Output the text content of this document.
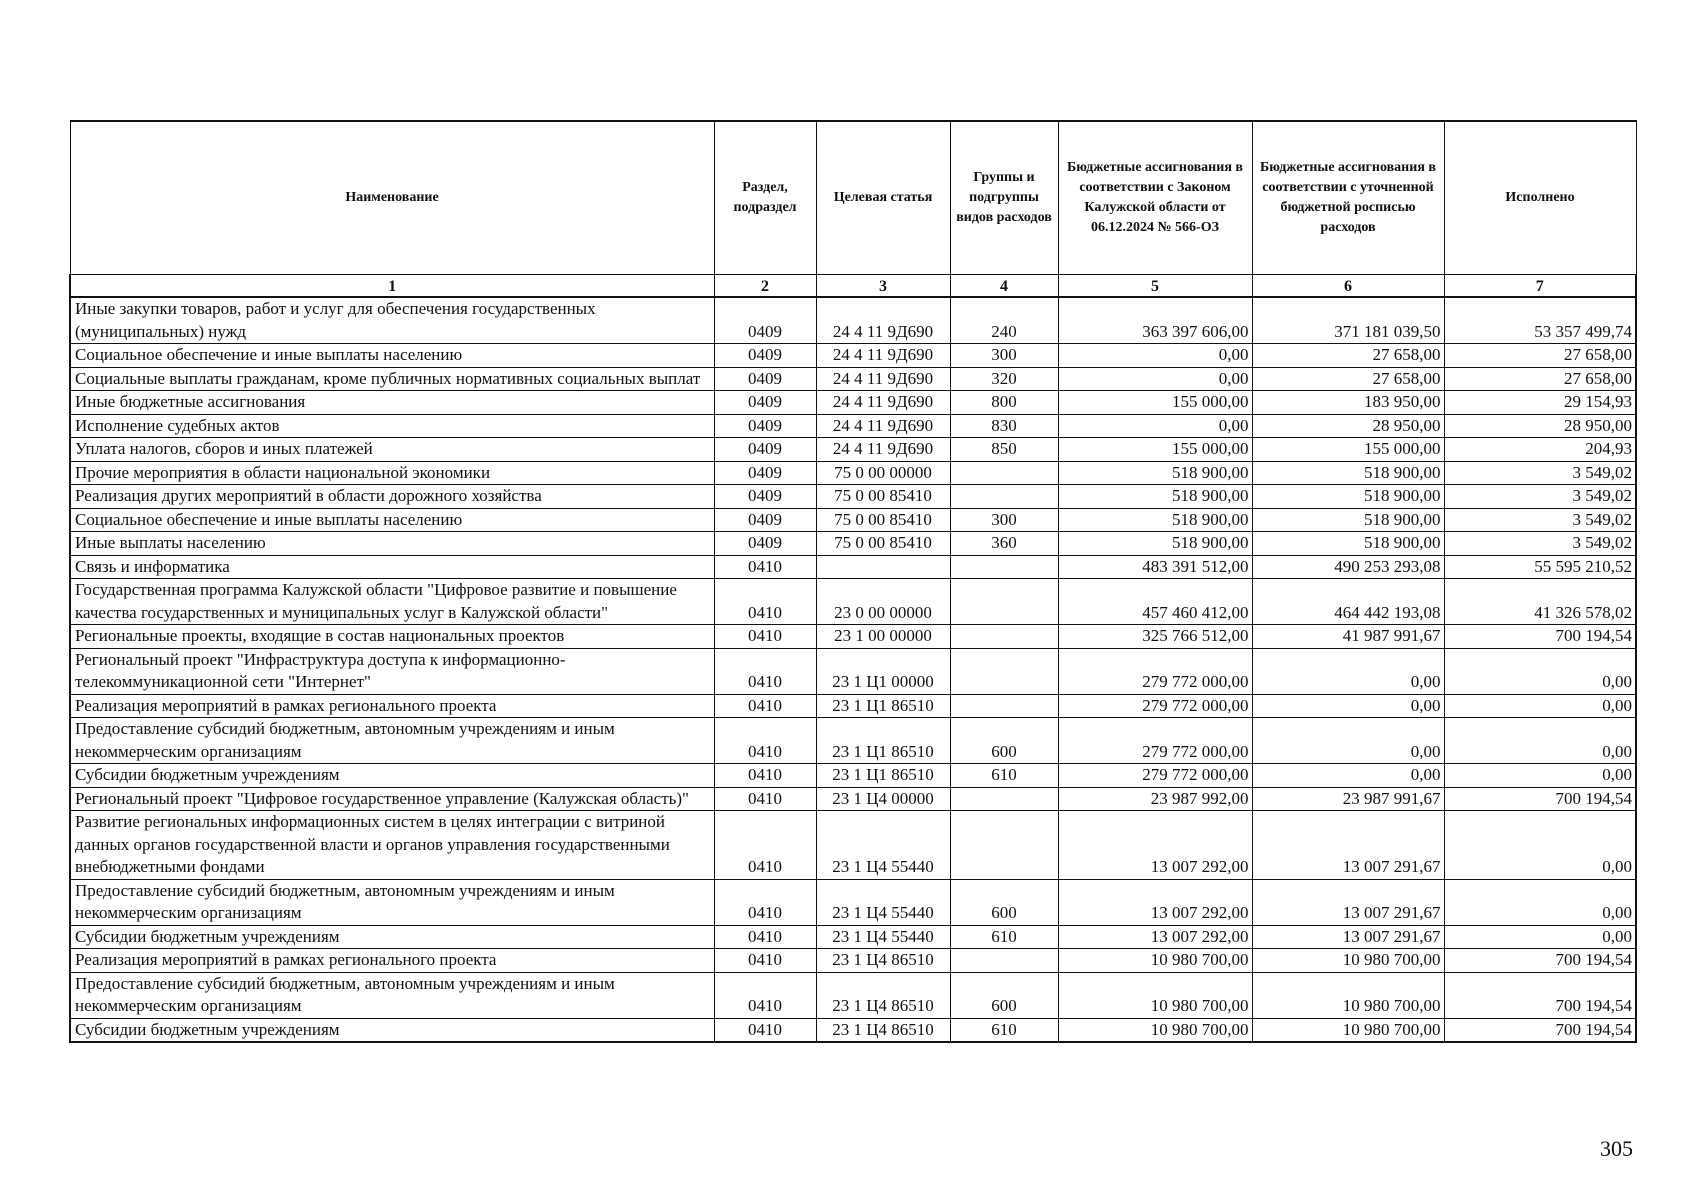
Наименование	Раздел, подраздел	Целевая статья	Группы и подгруппы видов расходов	Бюджетные ассигнования в соответствии с Законом Калужской области от 06.12.2024 № 566-ОЗ	Бюджетные ассигнования в соответствии с уточненной бюджетной росписью расходов	Исполнено
1	2	3	4	5	6	7
Иные закупки товаров, работ и услуг для обеспечения государственных (муниципальных) нужд	0409	24 4 11 9Д690	240	363 397 606,00	371 181 039,50	53 357 499,74
Социальное обеспечение и иные выплаты населению	0409	24 4 11 9Д690	300	0,00	27 658,00	27 658,00
Социальные выплаты гражданам, кроме публичных нормативных социальных выплат	0409	24 4 11 9Д690	320	0,00	27 658,00	27 658,00
Иные бюджетные ассигнования	0409	24 4 11 9Д690	800	155 000,00	183 950,00	29 154,93
Исполнение судебных актов	0409	24 4 11 9Д690	830	0,00	28 950,00	28 950,00
Уплата налогов, сборов и иных платежей	0409	24 4 11 9Д690	850	155 000,00	155 000,00	204,93
Прочие мероприятия в области национальной экономики	0409	75 0 00 00000		518 900,00	518 900,00	3 549,02
Реализация других мероприятий в области дорожного хозяйства	0409	75 0 00 85410		518 900,00	518 900,00	3 549,02
Социальное обеспечение и иные выплаты населению	0409	75 0 00 85410	300	518 900,00	518 900,00	3 549,02
Иные выплаты населению	0409	75 0 00 85410	360	518 900,00	518 900,00	3 549,02
Связь и информатика	0410			483 391 512,00	490 253 293,08	55 595 210,52
Государственная программа Калужской области "Цифровое развитие и повышение качества государственных и муниципальных услуг в Калужской области"	0410	23 0 00 00000		457 460 412,00	464 442 193,08	41 326 578,02
Региональные проекты, входящие в состав национальных проектов	0410	23 1 00 00000		325 766 512,00	41 987 991,67	700 194,54
Региональный проект "Инфраструктура доступа к информационно-телекоммуникационной сети "Интернет"	0410	23 1 Ц1 00000		279 772 000,00	0,00	0,00
Реализация мероприятий в рамках регионального проекта	0410	23 1 Ц1 86510		279 772 000,00	0,00	0,00
Предоставление субсидий бюджетным, автономным учреждениям и иным некоммерческим организациям	0410	23 1 Ц1 86510	600	279 772 000,00	0,00	0,00
Субсидии бюджетным учреждениям	0410	23 1 Ц1 86510	610	279 772 000,00	0,00	0,00
Региональный проект "Цифровое государственное управление (Калужская область)"	0410	23 1 Ц4 00000		23 987 992,00	23 987 991,67	700 194,54
Развитие региональных информационных систем в целях интеграции с витриной данных органов государственной власти и органов управления государственными внебюджетными фондами	0410	23 1 Ц4 55440		13 007 292,00	13 007 291,67	0,00
Предоставление субсидий бюджетным, автономным учреждениям и иным некоммерческим организациям	0410	23 1 Ц4 55440	600	13 007 292,00	13 007 291,67	0,00
Субсидии бюджетным учреждениям	0410	23 1 Ц4 55440	610	13 007 292,00	13 007 291,67	0,00
Реализация мероприятий в рамках регионального проекта	0410	23 1 Ц4 86510		10 980 700,00	10 980 700,00	700 194,54
Предоставление субсидий бюджетным, автономным учреждениям и иным некоммерческим организациям	0410	23 1 Ц4 86510	600	10 980 700,00	10 980 700,00	700 194,54
Субсидии бюджетным учреждениям	0410	23 1 Ц4 86510	610	10 980 700,00	10 980 700,00	700 194,54
305
